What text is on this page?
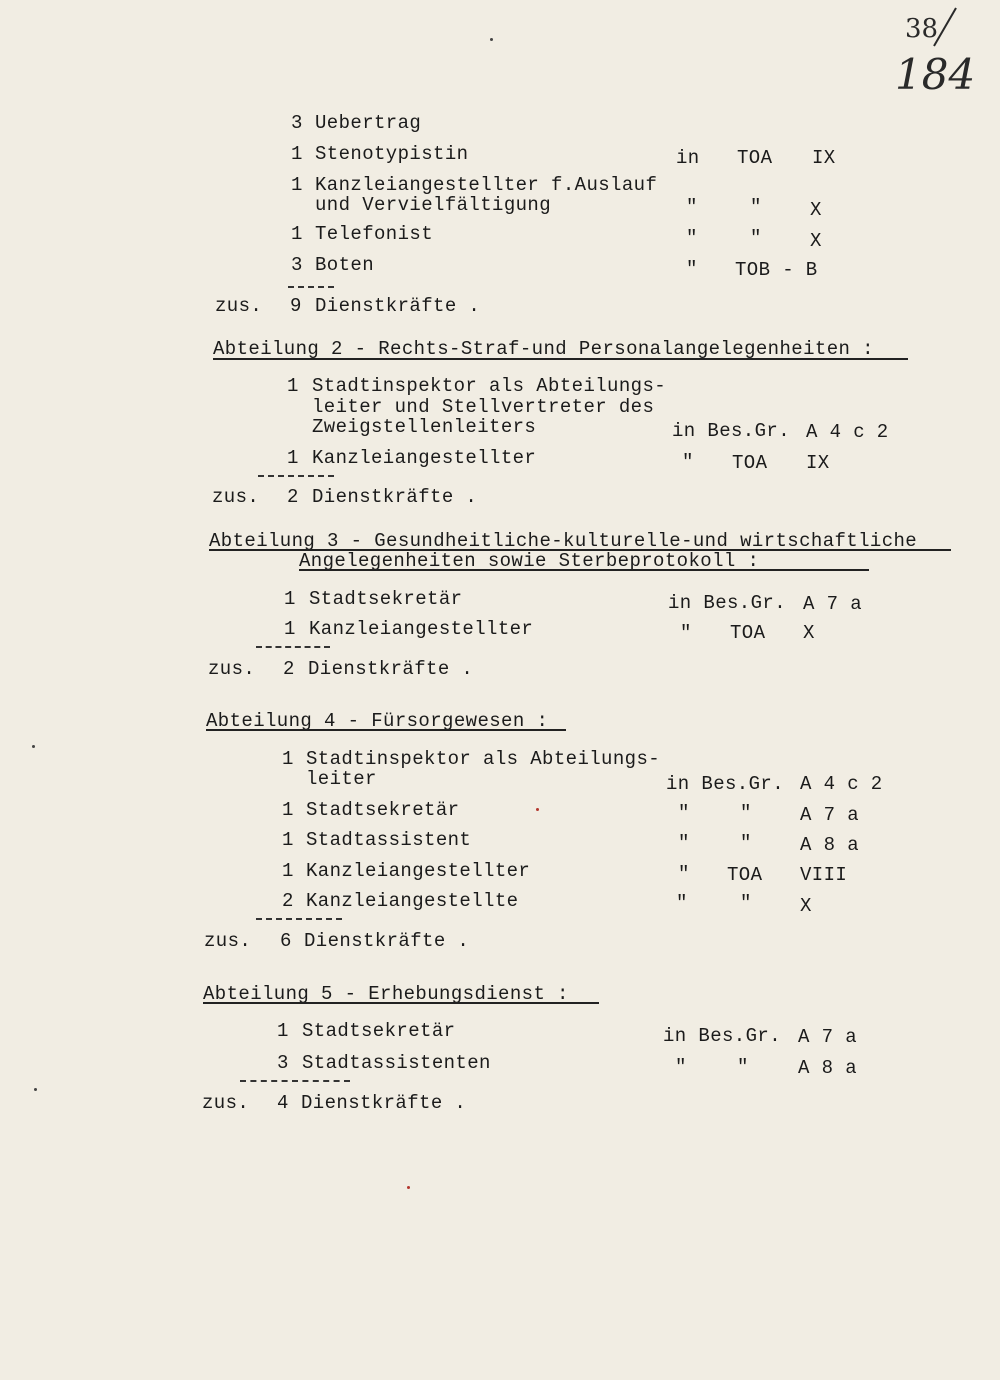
38
184
3 Uebertrag
1 Stenotypistin	in TOA IX
1 Kanzleiangestellter f.Auslauf
und Vervielfältigung	"	"	X
1 Telefonist	"	"	X
3 Boten	" TOB - B
zus. 9 Dienstkräfte .
Abteilung 2 - Rechts-Straf-und Personalangelegenheiten :
1 Stadtinspektor als Abteilungs-
leiter und Stellvertreter des
Zweigstellenleiters	in Bes.Gr. A 4 c 2
1 Kanzleiangestellter	" TOA IX
zus. 2 Dienstkräfte .
Abteilung 3 - Gesundheitliche-kulturelle-und wirtschaftliche
Angelegenheiten sowie Sterbeprotokoll :
1 Stadtsekretär	in Bes.Gr. A 7 a
1 Kanzleiangestellter	" TOA X
zus. 2 Dienstkräfte .
Abteilung 4 - Fürsorgewesen :
1 Stadtinspektor als Abteilungs-
leiter	in Bes.Gr. A 4 c 2
1 Stadtsekretär	"	"	A 7 a
1 Stadtassistent	"	"	A 8 a
1 Kanzleiangestellter	" TOA VIII
2 Kanzleiangestellte	"	"	X
zus. 6 Dienstkräfte .
Abteilung 5 - Erhebungsdienst :
1 Stadtsekretär	in Bes.Gr. A 7 a
3 Stadtassistenten	"	"	A 8 a
zus. 4 Dienstkräfte .
